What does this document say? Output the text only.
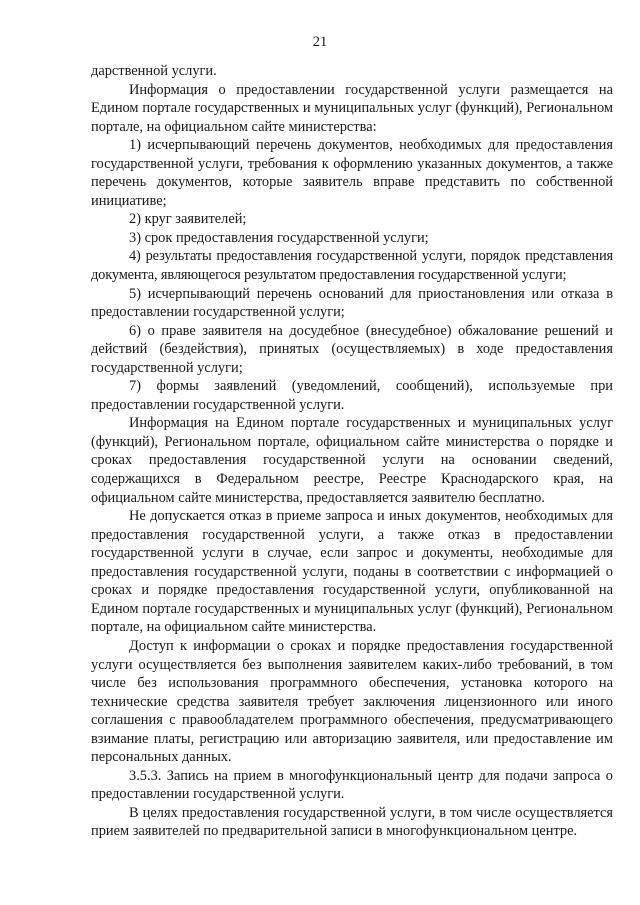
21

дарственной услуги.

Информация о предоставлении государственной услуги размещается на Едином портале государственных и муниципальных услуг (функций), Региональном портале, на официальном сайте министерства:

1) исчерпывающий перечень документов, необходимых для предоставления государственной услуги, требования к оформлению указанных документов, а также перечень документов, которые заявитель вправе представить по собственной инициативе;

2) круг заявителей;

3) срок предоставления государственной услуги;

4) результаты предоставления государственной услуги, порядок представления документа, являющегося результатом предоставления государственной услуги;

5) исчерпывающий перечень оснований для приостановления или отказа в предоставлении государственной услуги;

6) о праве заявителя на досудебное (внесудебное) обжалование решений и действий (бездействия), принятых (осуществляемых) в ходе предоставления государственной услуги;

7) формы заявлений (уведомлений, сообщений), используемые при предоставлении государственной услуги.

Информация на Едином портале государственных и муниципальных услуг (функций), Региональном портале, официальном сайте министерства о порядке и сроках предоставления государственной услуги на основании сведений, содержащихся в Федеральном реестре, Реестре Краснодарского края, на официальном сайте министерства, предоставляется заявителю бесплатно.

Не допускается отказ в приеме запроса и иных документов, необходимых для предоставления государственной услуги, а также отказ в предоставлении государственной услуги в случае, если запрос и документы, необходимые для предоставления государственной услуги, поданы в соответствии с информацией о сроках и порядке предоставления государственной услуги, опубликованной на Едином портале государственных и муниципальных услуг (функций), Региональном портале, на официальном сайте министерства.

Доступ к информации о сроках и порядке предоставления государственной услуги осуществляется без выполнения заявителем каких-либо требований, в том числе без использования программного обеспечения, установка которого на технические средства заявителя требует заключения лицензионного или иного соглашения с правообладателем программного обеспечения, предусматривающего взимание платы, регистрацию или авторизацию заявителя, или предоставление им персональных данных.

3.5.3. Запись на прием в многофункциональный центр для подачи запроса о предоставлении государственной услуги.

В целях предоставления государственной услуги, в том числе осуществляется прием заявителей по предварительной записи в многофункциональном центре.
